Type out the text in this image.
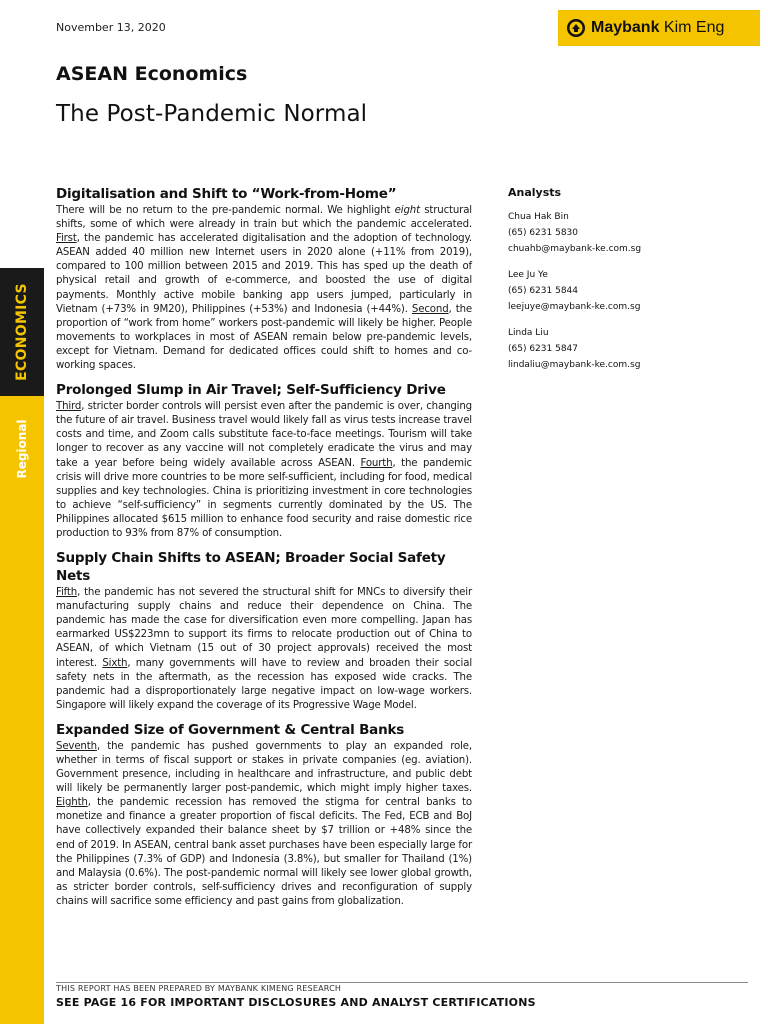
ECONOMICS
Regional
November 13, 2020	Maybank Kim Eng
ASEAN Economics
The Post-Pandemic Normal
Digitalisation and Shift to “Work-from-Home”

There will be no return to the pre-pandemic normal. We highlight eight structural shifts, some of which were already in train but which the pandemic accelerated. First, the pandemic has accelerated digitalisation and the adoption of technology. ASEAN added 40 million new Internet users in 2020 alone (+11% from 2019), compared to 100 million between 2015 and 2019. This has sped up the death of physical retail and growth of e-commerce, and boosted the use of digital payments. Monthly active mobile banking app users jumped, particularly in Vietnam (+73% in 9M20), Philippines (+53%) and Indonesia (+44%). Second, the proportion of “work from home” workers post-pandemic will likely be higher. People movements to workplaces in most of ASEAN remain below pre-pandemic levels, except for Vietnam. Demand for dedicated offices could shift to homes and co-working spaces.

Prolonged Slump in Air Travel; Self-Sufficiency Drive

Third, stricter border controls will persist even after the pandemic is over, changing the future of air travel. Business travel would likely fall as virus tests increase travel costs and time, and Zoom calls substitute face-to-face meetings. Tourism will take longer to recover as any vaccine will not completely eradicate the virus and may take a year before being widely available across ASEAN. Fourth, the pandemic crisis will drive more countries to be more self-sufficient, including for food, medical supplies and key technologies. China is prioritizing investment in core technologies to achieve “self-sufficiency” in segments currently dominated by the US. The Philippines allocated $615 million to enhance food security and raise domestic rice production to 93% from 87% of consumption.

Supply Chain Shifts to ASEAN; Broader Social Safety Nets

Fifth, the pandemic has not severed the structural shift for MNCs to diversify their manufacturing supply chains and reduce their dependence on China. The pandemic has made the case for diversification even more compelling. Japan has earmarked US$223mn to support its firms to relocate production out of China to ASEAN, of which Vietnam (15 out of 30 project approvals) received the most interest. Sixth, many governments will have to review and broaden their social safety nets in the aftermath, as the recession has exposed wide cracks. The pandemic had a disproportionately large negative impact on low-wage workers. Singapore will likely expand the coverage of its Progressive Wage Model.

Expanded Size of Government & Central Banks

Seventh, the pandemic has pushed governments to play an expanded role, whether in terms of fiscal support or stakes in private companies (eg. aviation). Government presence, including in healthcare and infrastructure, and public debt will likely be permanently larger post-pandemic, which might imply higher taxes. Eighth, the pandemic recession has removed the stigma for central banks to monetize and finance a greater proportion of fiscal deficits. The Fed, ECB and BoJ have collectively expanded their balance sheet by $7 trillion or +48% since the end of 2019. In ASEAN, central bank asset purchases have been especially large for the Philippines (7.3% of GDP) and Indonesia (3.8%), but smaller for Thailand (1%) and Malaysia (0.6%). The post-pandemic normal will likely see lower global growth, as stricter border controls, self-sufficiency drives and reconfiguration of supply chains will sacrifice some efficiency and past gains from globalization.

Analysts
Chua Hak Bin
(65) 6231 5830
chuahb@maybank-ke.com.sg
Lee Ju Ye
(65) 6231 5844
leejuye@maybank-ke.com.sg
Linda Liu
(65) 6231 5847
lindaliu@maybank-ke.com.sg
THIS REPORT HAS BEEN PREPARED BY MAYBANK KIMENG RESEARCH
SEE PAGE 16 FOR IMPORTANT DISCLOSURES AND ANALYST CERTIFICATIONS
